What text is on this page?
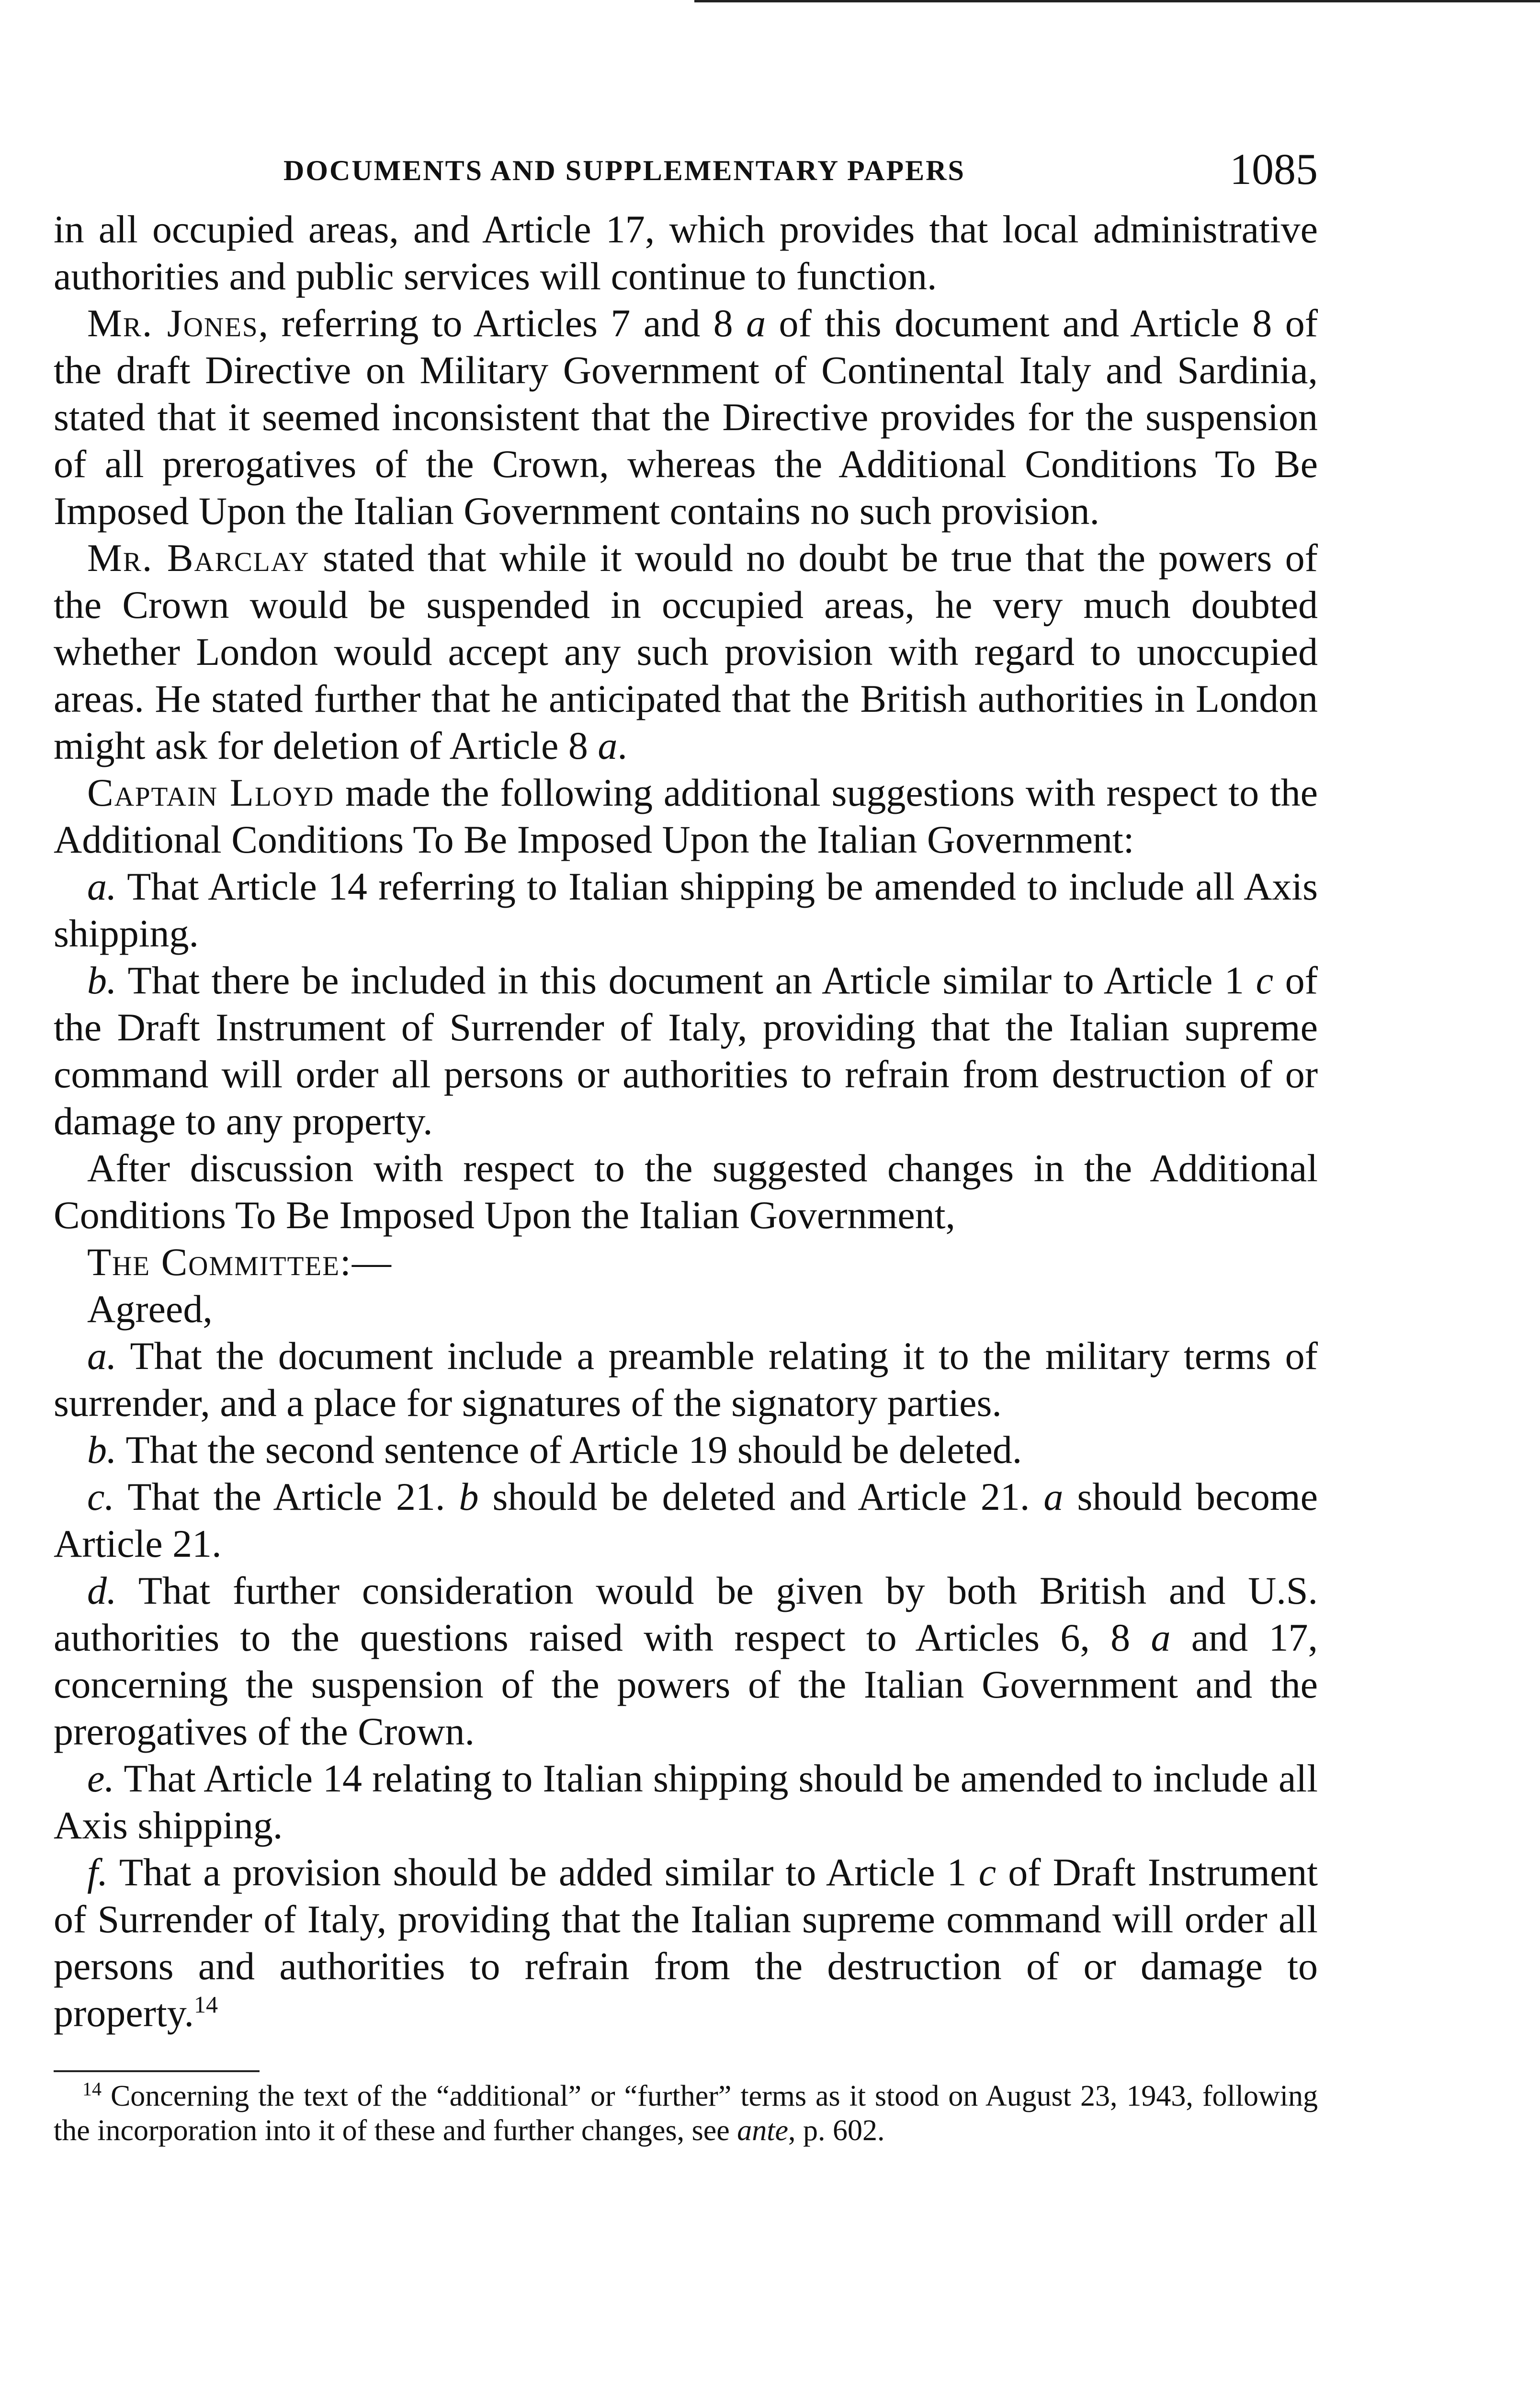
DOCUMENTS AND SUPPLEMENTARY PAPERS	1085

in all occupied areas, and Article 17, which provides that local administrative authorities and public services will continue to function.

Mr. Jones, referring to Articles 7 and 8 a of this document and Article 8 of the draft Directive on Military Government of Continental Italy and Sardinia, stated that it seemed inconsistent that the Directive provides for the suspension of all prerogatives of the Crown, whereas the Additional Conditions To Be Imposed Upon the Italian Government contains no such provision.

Mr. Barclay stated that while it would no doubt be true that the powers of the Crown would be suspended in occupied areas, he very much doubted whether London would accept any such provision with regard to unoccupied areas. He stated further that he anticipated that the British authorities in London might ask for deletion of Article 8 a.

Captain Lloyd made the following additional suggestions with respect to the Additional Conditions To Be Imposed Upon the Italian Government:

a. That Article 14 referring to Italian shipping be amended to include all Axis shipping.

b. That there be included in this document an Article similar to Article 1 c of the Draft Instrument of Surrender of Italy, providing that the Italian supreme command will order all persons or authorities to refrain from destruction of or damage to any property.

After discussion with respect to the suggested changes in the Additional Conditions To Be Imposed Upon the Italian Government,

The Committee:—

Agreed,

a. That the document include a preamble relating it to the military terms of surrender, and a place for signatures of the signatory parties.

b. That the second sentence of Article 19 should be deleted.

c. That the Article 21. b should be deleted and Article 21. a should become Article 21.

d. That further consideration would be given by both British and U.S. authorities to the questions raised with respect to Articles 6, 8 a and 17, concerning the suspension of the powers of the Italian Government and the prerogatives of the Crown.

e. That Article 14 relating to Italian shipping should be amended to include all Axis shipping.

f. That a provision should be added similar to Article 1 c of Draft Instrument of Surrender of Italy, providing that the Italian supreme command will order all persons and authorities to refrain from the destruction of or damage to property.$^{14}$

$^{14}$ Concerning the text of the “additional” or “further” terms as it stood on August 23, 1943, following the incorporation into it of these and further changes, see ante, p. 602.
